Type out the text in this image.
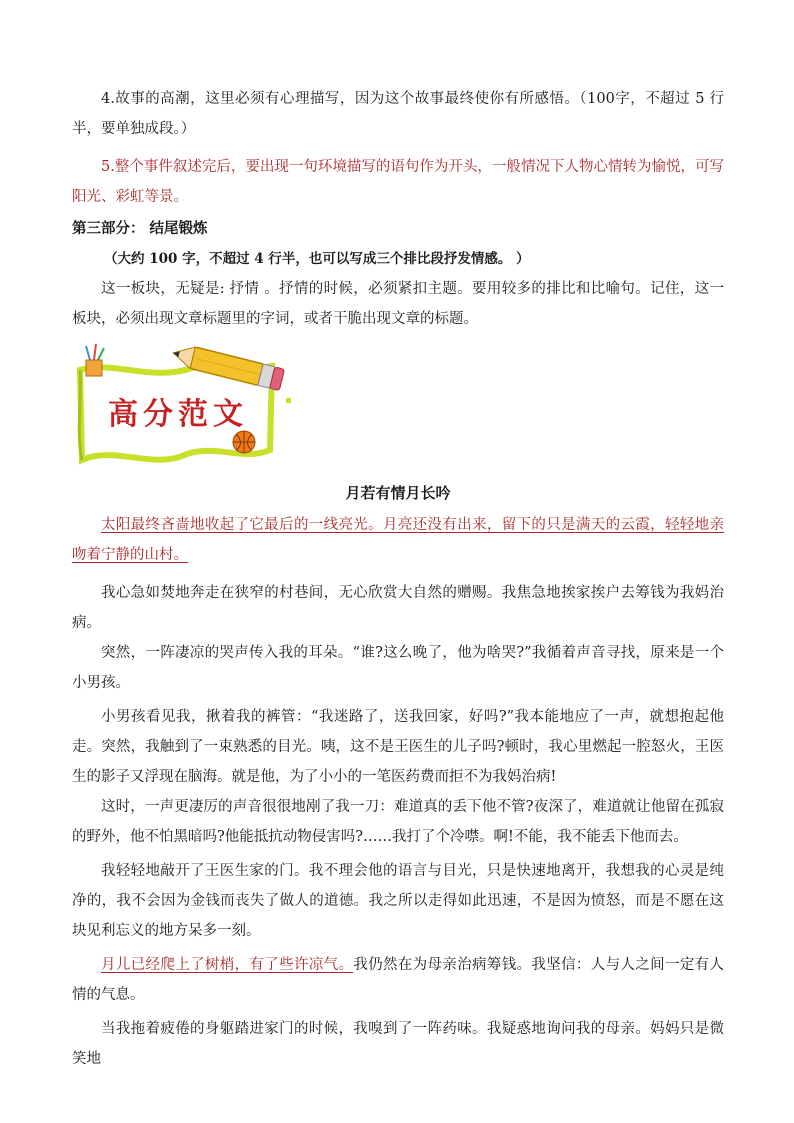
4.故事的高潮，这里必须有心理描写，因为这个故事最终使你有所感悟。（100字，不超过 5 行半，要单独成段。）

5.整个事件叙述完后，要出现一句环境描写的语句作为开头，一般情况下人物心情转为愉悦，可写阳光、彩虹等景。

第三部分： 结尾锻炼

（大约 100 字，不超过 4 行半，也可以写成三个排比段抒发情感。 ）

这一板块，无疑是: 抒情 。抒情的时候，必须紧扣主题。要用较多的排比和比喻句。记住，这一板块，必须出现文章标题里的字词，或者干脆出现文章的标题。

高分范文

月若有情月长吟

太阳最终吝啬地收起了它最后的一线亮光。月亮还没有出来，留下的只是满天的云霞，轻轻地亲吻着宁静的山村。

我心急如焚地奔走在狭窄的村巷间，无心欣赏大自然的赠赐。我焦急地挨家挨户去筹钱为我妈治病。

突然，一阵凄凉的哭声传入我的耳朵。“谁?这么晚了，他为啥哭?”我循着声音寻找，原来是一个小男孩。

小男孩看见我，揪着我的裤管：“我迷路了，送我回家，好吗?”我本能地应了一声，就想抱起他走。突然，我触到了一束熟悉的目光。咦，这不是王医生的儿子吗?顿时，我心里燃起一腔怒火，王医生的影子又浮现在脑海。就是他，为了小小的一笔医药费而拒不为我妈治病!

这时，一声更凄厉的声音很很地剐了我一刀：难道真的丢下他不管?夜深了，难道就让他留在孤寂的野外，他不怕黑暗吗?他能抵抗动物侵害吗?……我打了个冷噤。啊!不能，我不能丢下他而去。

我轻轻地敲开了王医生家的门。我不理会他的语言与目光，只是快速地离开，我想我的心灵是纯净的，我不会因为金钱而丧失了做人的道德。我之所以走得如此迅速，不是因为愤怒，而是不愿在这块见利忘义的地方呆多一刻。

月儿已经爬上了树梢，有了些许凉气。我仍然在为母亲治病筹钱。我坚信：人与人之间一定有人情的气息。

当我拖着疲倦的身躯踏进家门的时候，我嗅到了一阵药味。我疑惑地询问我的母亲。妈妈只是微笑地
